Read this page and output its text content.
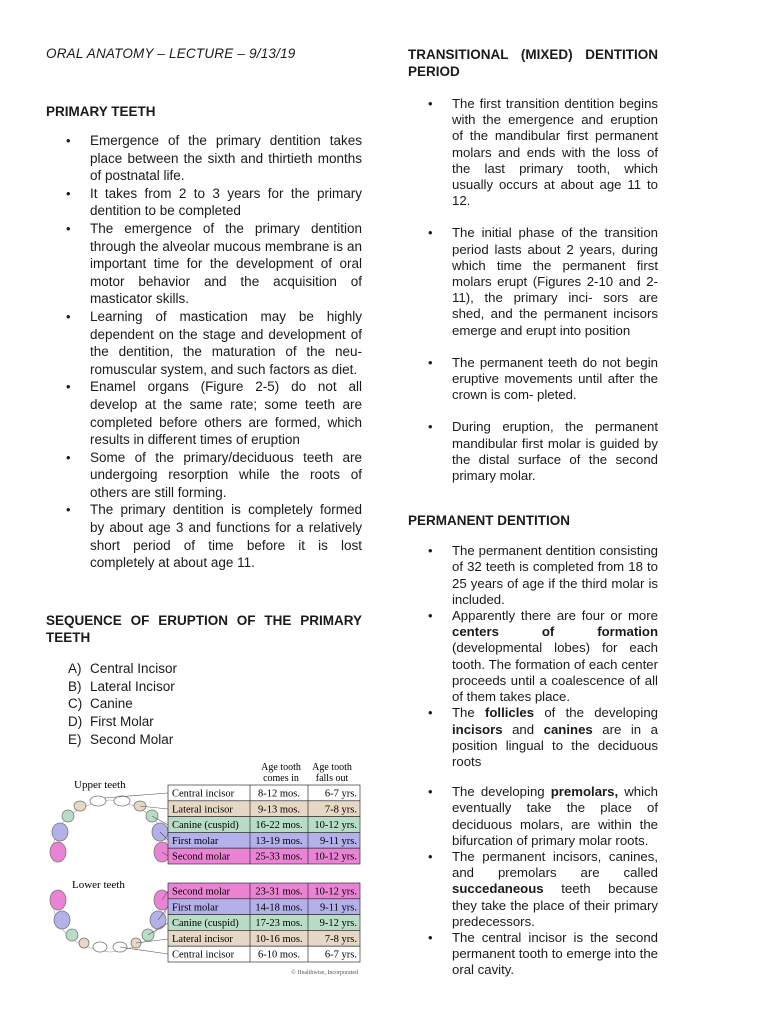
ORAL ANATOMY – LECTURE – 9/13/19

PRIMARY TEETH
• Emergence of the primary dentition takes place between the sixth and thirtieth months of postnatal life.
• It takes from 2 to 3 years for the primary dentition to be completed
• The emergence of the primary dentition through the alveolar mucous membrane is an important time for the development of oral motor behavior and the acquisition of masticator skills.
• Learning of mastication may be highly dependent on the stage and development of the dentition, the maturation of the neu- romuscular system, and such factors as diet.
• Enamel organs (Figure 2-5) do not all develop at the same rate; some teeth are completed before others are formed, which results in different times of eruption
• Some of the primary/deciduous teeth are undergoing resorption while the roots of others are still forming.
• The primary dentition is completely formed by about age 3 and functions for a relatively short period of time before it is lost completely at about age 11.
SEQUENCE OF ERUPTION OF THE PRIMARY TEETH
A) Central Incisor
B) Lateral Incisor
C) Canine
D) First Molar
E) Second Molar
Age tooth
comes in
Age tooth
falls out
Upper teeth
Lower teeth
Central incisor 8-12 mos. 6-7 yrs.
Lateral incisor 9-13 mos. 7-8 yrs.
Canine (cuspid) 16-22 mos. 10-12 yrs.
First molar	13-19 mos. 9-11 yrs.
Second molar 25-33 mos. 10-12 yrs.
Second molar 23-31 mos. 10-12 yrs.
First molar	14-18 mos. 9-11 yrs.
Canine (cuspid) 17-23 mos. 9-12 yrs.
Lateral incisor 10-16 mos. 7-8 yrs.
Central incisor 6-10 mos. 6-7 yrs.
© Healthwise, Incorporated
TRANSITIONAL (MIXED) DENTITION PERIOD
• The first transition dentition begins with the emergence and eruption of the mandibular first permanent molars and ends with the loss of the last primary tooth, which usually occurs at about age 11 to 12.
• The initial phase of the transition period lasts about 2 years, during which time the permanent first molars erupt (Figures 2-10 and 2-11), the primary inci- sors are shed, and the permanent incisors emerge and erupt into position
• The permanent teeth do not begin eruptive movements until after the crown is com- pleted.
• During eruption, the permanent mandibular first molar is guided by the distal surface of the second primary molar.
PERMANENT DENTITION
• The permanent dentition consisting of 32 teeth is completed from 18 to 25 years of age if the third molar is included.
• Apparently there are four or more centers of formation (developmental lobes) for each tooth. The formation of each center proceeds until a coalescence of all of them takes place.
• The follicles of the developing incisors and canines are in a position lingual to the deciduous roots
• The developing premolars, which eventually take the place of deciduous molars, are within the bifurcation of primary molar roots.
• The permanent incisors, canines, and premolars are called succedaneous teeth because they take the place of their primary predecessors.
• The central incisor is the second permanent tooth to emerge into the oral cavity.
